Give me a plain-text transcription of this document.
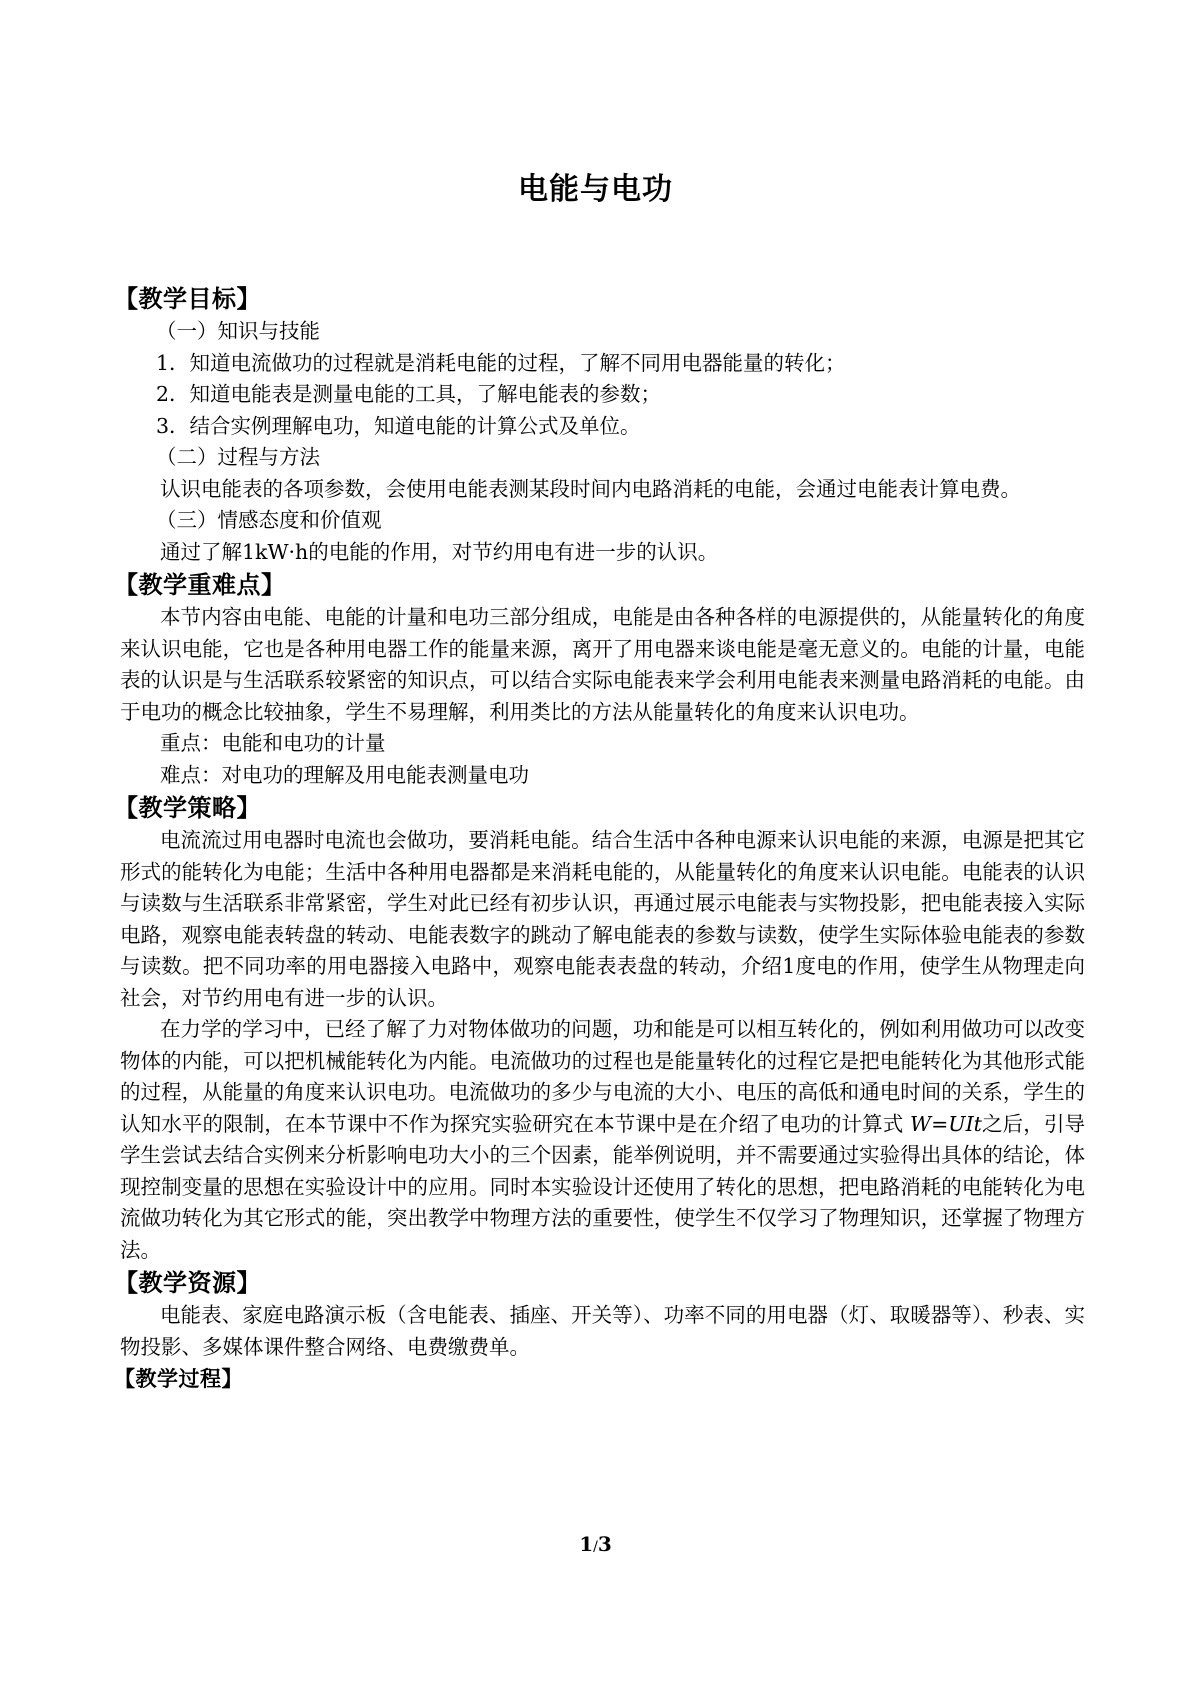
电能与电功
【教学目标】
（一）知识与技能
1．知道电流做功的过程就是消耗电能的过程，了解不同用电器能量的转化；
2．知道电能表是测量电能的工具，了解电能表的参数；
3．结合实例理解电功，知道电能的计算公式及单位。
（二）过程与方法
认识电能表的各项参数，会使用电能表测某段时间内电路消耗的电能，会通过电能表计算电费。
（三）情感态度和价值观
通过了解1kW·h的电能的作用，对节约用电有进一步的认识。
【教学重难点】
本节内容由电能、电能的计量和电功三部分组成，电能是由各种各样的电源提供的，从能量转化的角度来认识电能，它也是各种用电器工作的能量来源，离开了用电器来谈电能是毫无意义的。电能的计量，电能表的认识是与生活联系较紧密的知识点，可以结合实际电能表来学会利用电能表来测量电路消耗的电能。由于电功的概念比较抽象，学生不易理解，利用类比的方法从能量转化的角度来认识电功。
重点：电能和电功的计量
难点：对电功的理解及用电能表测量电功
【教学策略】
电流流过用电器时电流也会做功，要消耗电能。结合生活中各种电源来认识电能的来源，电源是把其它形式的能转化为电能；生活中各种用电器都是来消耗电能的，从能量转化的角度来认识电能。电能表的认识与读数与生活联系非常紧密，学生对此已经有初步认识，再通过展示电能表与实物投影，把电能表接入实际电路，观察电能表转盘的转动、电能表数字的跳动了解电能表的参数与读数，使学生实际体验电能表的参数与读数。把不同功率的用电器接入电路中，观察电能表表盘的转动，介绍1度电的作用，使学生从物理走向社会，对节约用电有进一步的认识。
在力学的学习中，已经了解了力对物体做功的问题，功和能是可以相互转化的，例如利用做功可以改变物体的内能，可以把机械能转化为内能。电流做功的过程也是能量转化的过程它是把电能转化为其他形式能的过程，从能量的角度来认识电功。电流做功的多少与电流的大小、电压的高低和通电时间的关系，学生的认知水平的限制，在本节课中不作为探究实验研究在本节课中是在介绍了电功的计算式 W=UIt之后，引导学生尝试去结合实例来分析影响电功大小的三个因素，能举例说明，并不需要通过实验得出具体的结论，体现控制变量的思想在实验设计中的应用。同时本实验设计还使用了转化的思想，把电路消耗的电能转化为电流做功转化为其它形式的能，突出教学中物理方法的重要性，使学生不仅学习了物理知识，还掌握了物理方法。
【教学资源】
电能表、家庭电路演示板（含电能表、插座、开关等）、功率不同的用电器（灯、取暖器等）、秒表、实物投影、多媒体课件整合网络、电费缴费单。
【教学过程】
1/3
